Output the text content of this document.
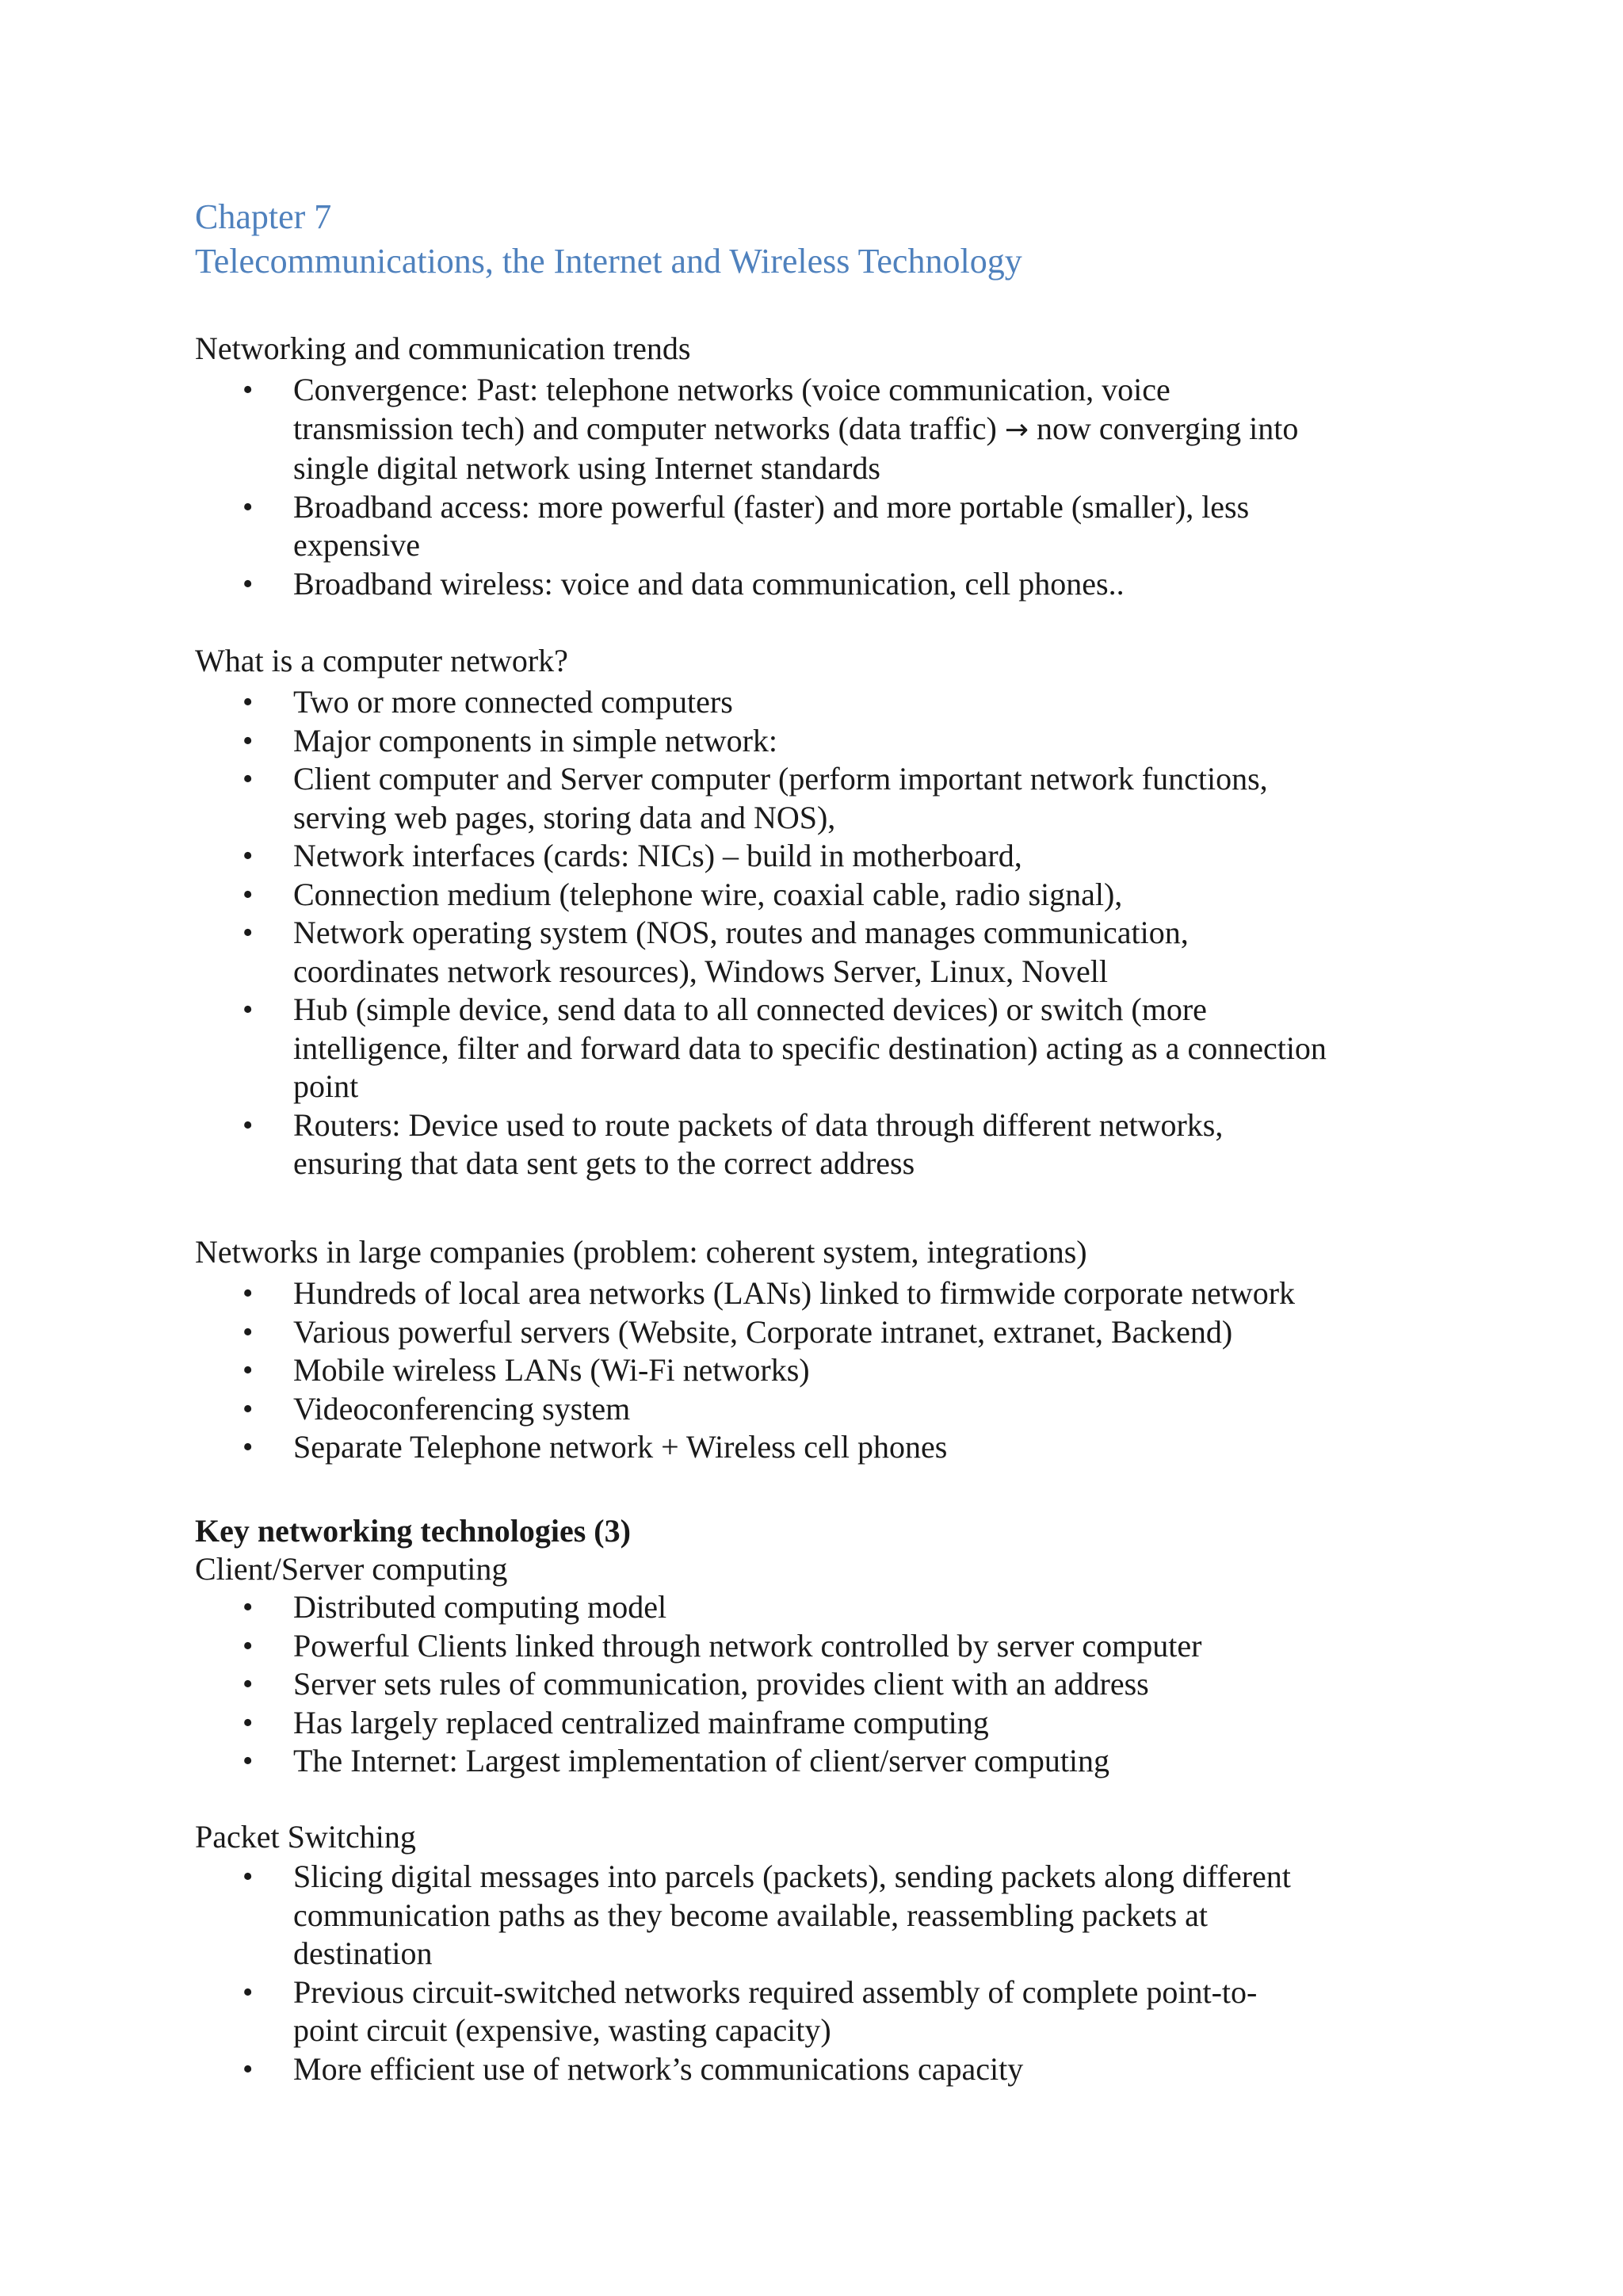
Chapter 7
Telecommunications, the Internet and Wireless Technology
Networking and communication trends
• Convergence: Past: telephone networks (voice communication, voice
transmission tech) and computer networks (data traffic) → now converging into
single digital network using Internet standards
• Broadband access: more powerful (faster) and more portable (smaller), less
expensive
• Broadband wireless: voice and data communication, cell phones..
What is a computer network?
• Two or more connected computers
• Major components in simple network:
• Client computer and Server computer (perform important network functions,
serving web pages, storing data and NOS),
• Network interfaces (cards: NICs) – build in motherboard,
• Connection medium (telephone wire, coaxial cable, radio signal),
• Network operating system (NOS, routes and manages communication,
coordinates network resources), Windows Server, Linux, Novell
• Hub (simple device, send data to all connected devices) or switch (more
intelligence, filter and forward data to specific destination) acting as a connection
point
• Routers: Device used to route packets of data through different networks,
ensuring that data sent gets to the correct address
Networks in large companies (problem: coherent system, integrations)
• Hundreds of local area networks (LANs) linked to firmwide corporate network
• Various powerful servers (Website, Corporate intranet, extranet, Backend)
• Mobile wireless LANs (Wi-Fi networks)
• Videoconferencing system
• Separate Telephone network + Wireless cell phones
Key networking technologies (3)
Client/Server computing
• Distributed computing model
• Powerful Clients linked through network controlled by server computer
• Server sets rules of communication, provides client with an address
• Has largely replaced centralized mainframe computing
• The Internet: Largest implementation of client/server computing
Packet Switching
• Slicing digital messages into parcels (packets), sending packets along different
communication paths as they become available, reassembling packets at
destination
• Previous circuit-switched networks required assembly of complete point-to-
point circuit (expensive, wasting capacity)
• More efficient use of network’s communications capacity
